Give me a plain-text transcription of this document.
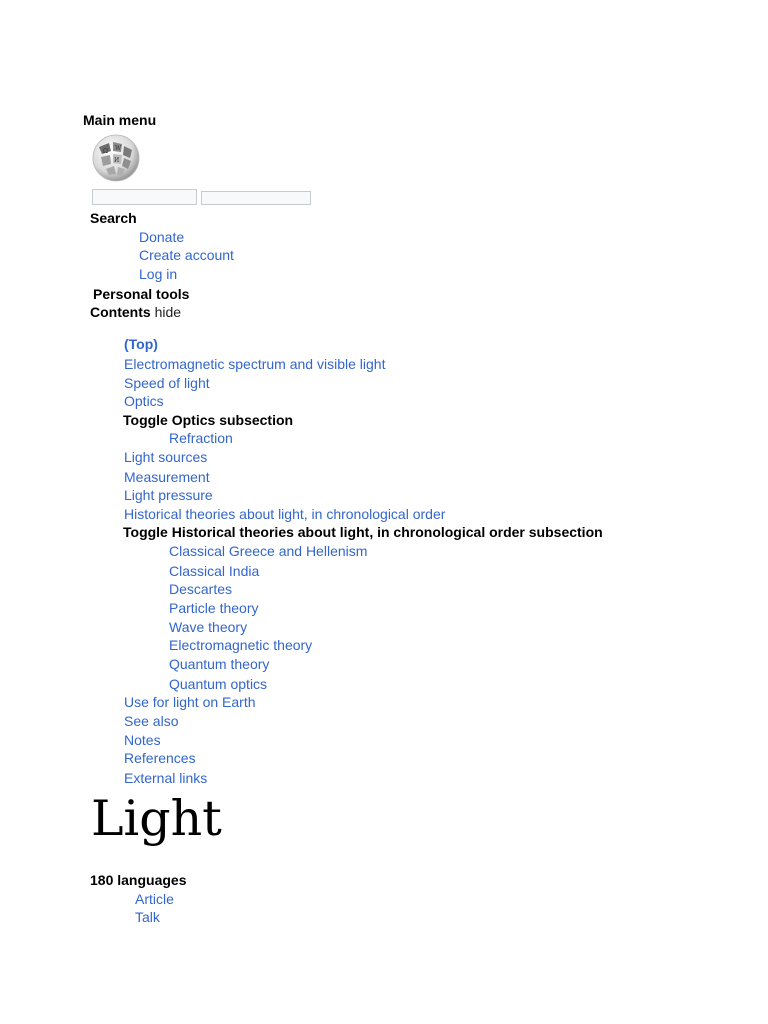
Main menu
Ω W
И
Search
Donate
Create account
Log in
Personal tools
Contents hide
(Top)
Electromagnetic spectrum and visible light
Speed of light
Optics
Toggle Optics subsection
Refraction
Light sources
Measurement
Light pressure
Historical theories about light, in chronological order
Toggle Historical theories about light, in chronological order subsection
Classical Greece and Hellenism
Classical India
Descartes
Particle theory
Wave theory
Electromagnetic theory
Quantum theory
Quantum optics
Use for light on Earth
See also
Notes
References
External links
Light
180 languages
Article
Talk
